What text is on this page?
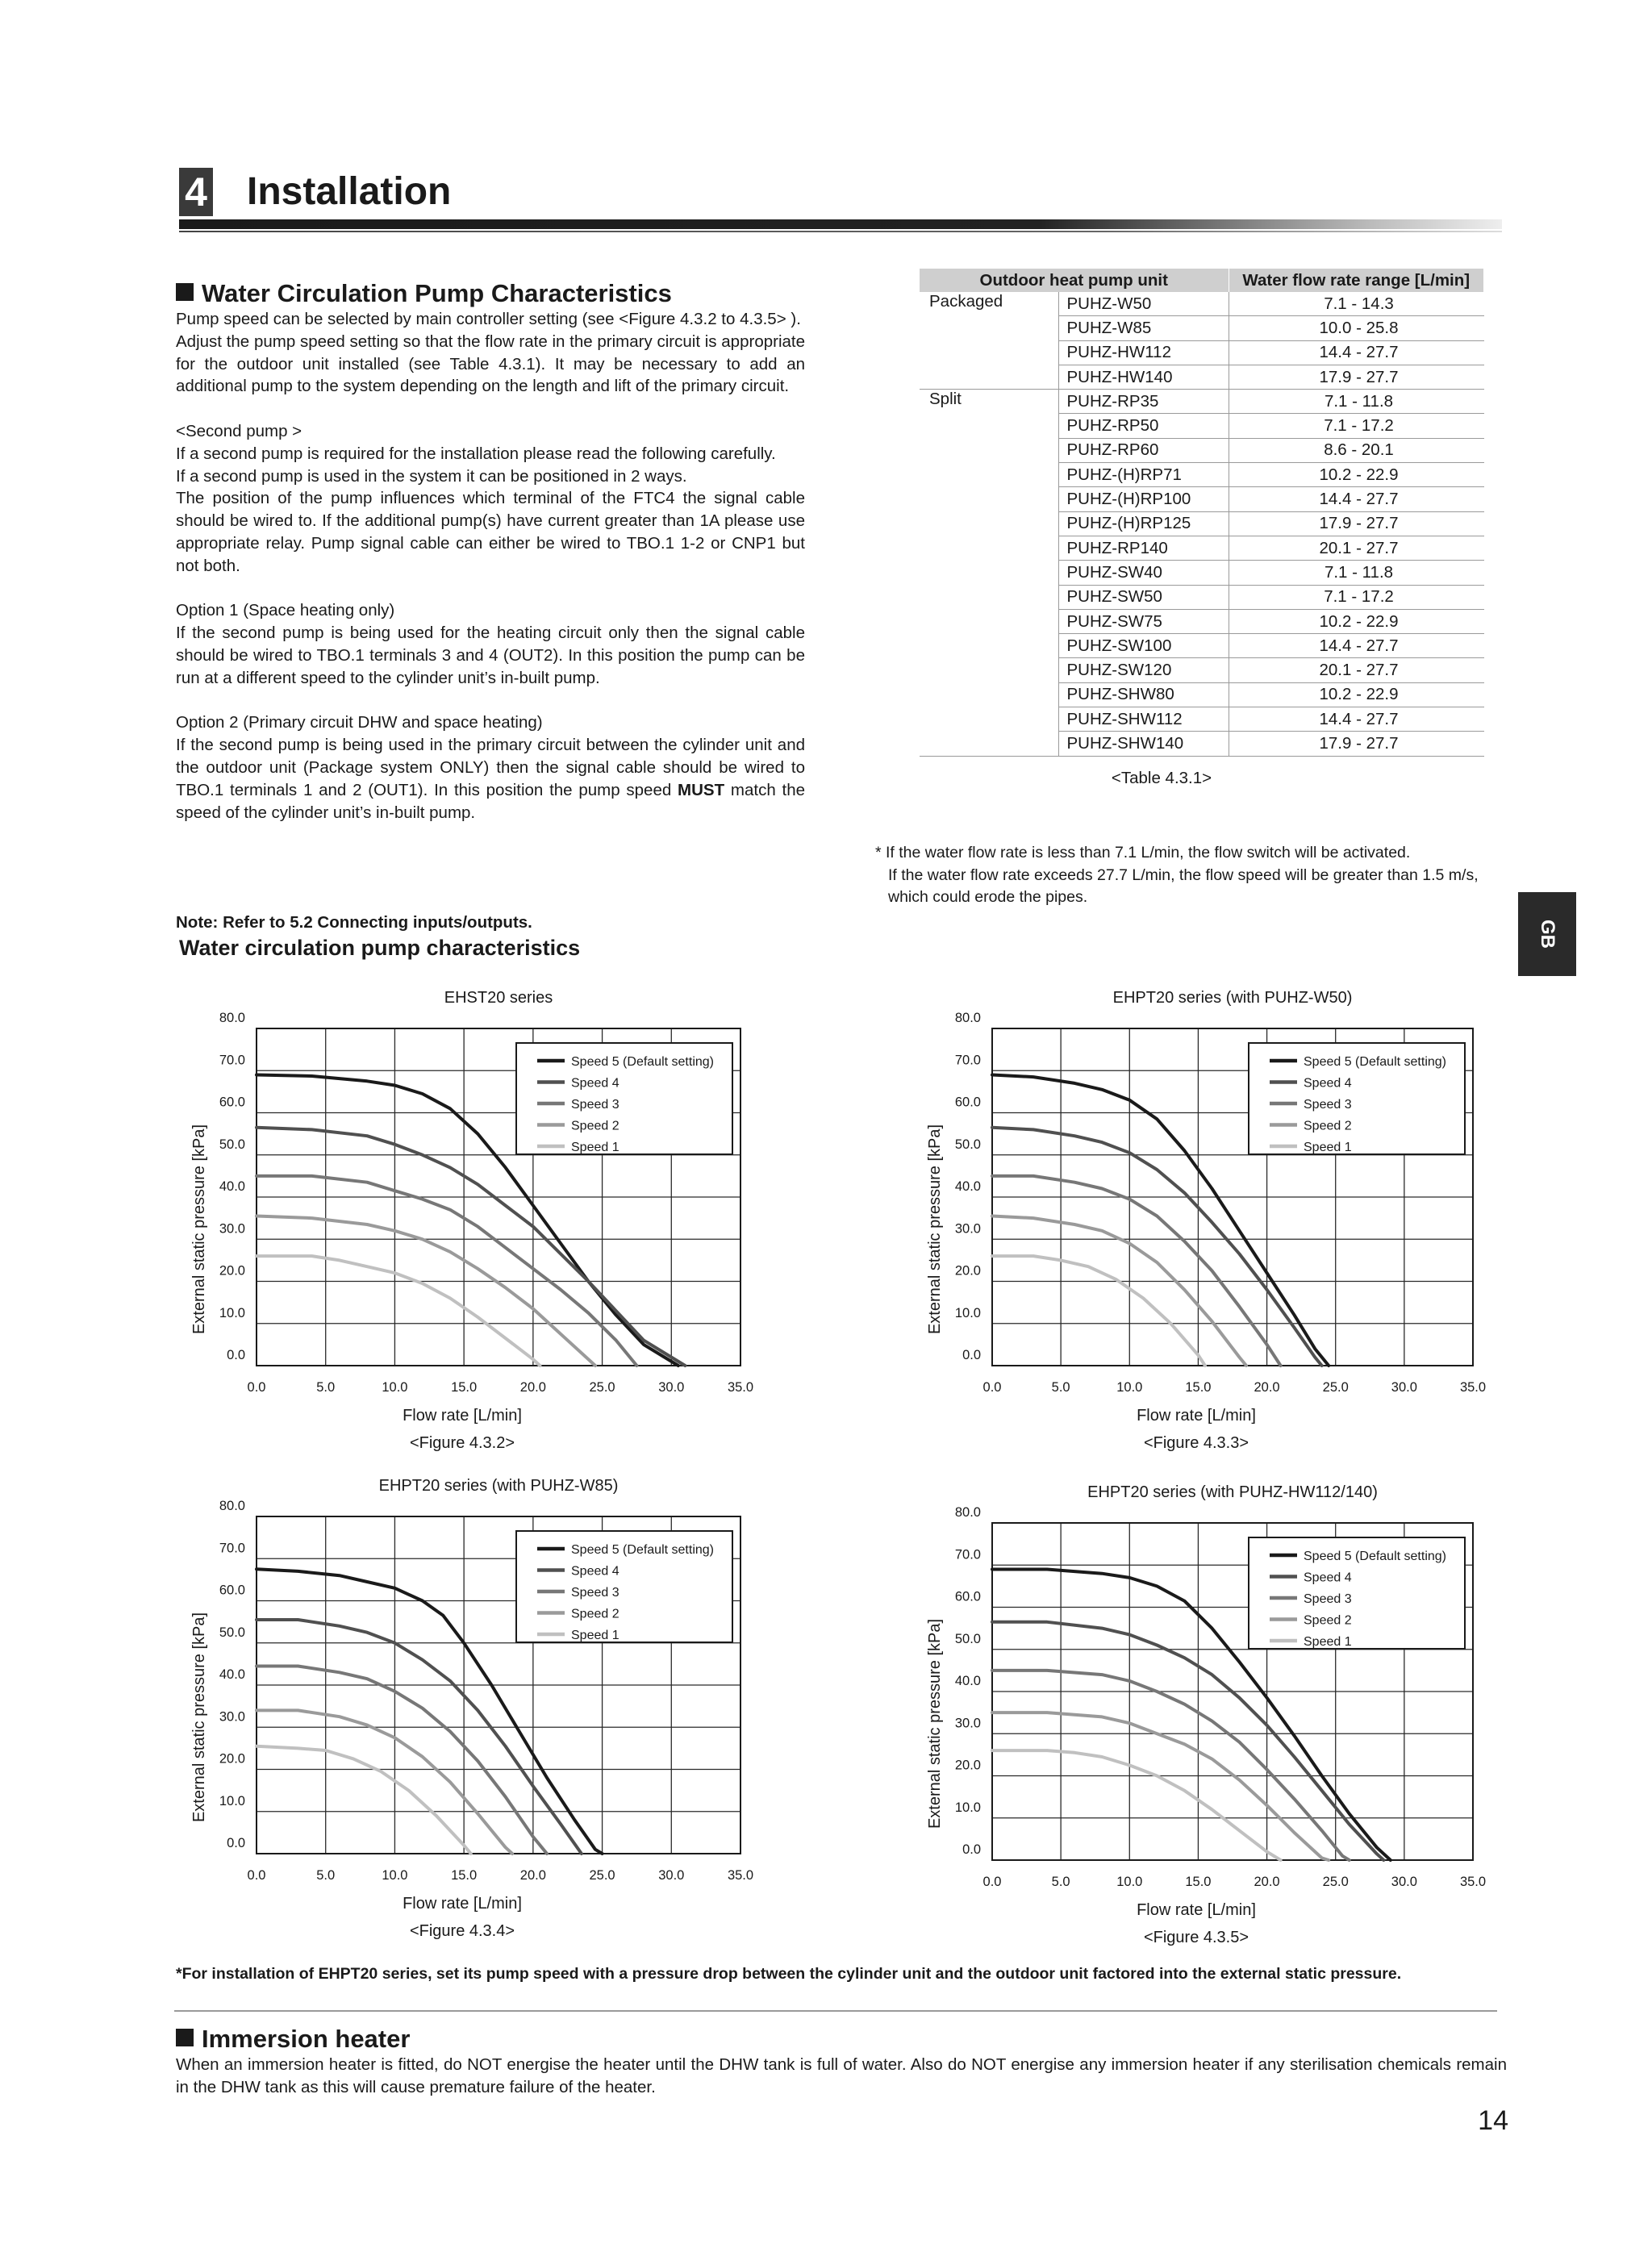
4 Installation
Water Circulation Pump Characteristics

Pump speed can be selected by main controller setting (see <Figure 4.3.2 to 4.3.5> ).

Adjust the pump speed setting so that the flow rate in the primary circuit is appropriate for the outdoor unit installed (see Table 4.3.1). It may be necessary to add an additional pump to the system depending on the length and lift of the primary circuit.

<Second pump >

If a second pump is required for the installation please read the following carefully.

If a second pump is used in the system it can be positioned in 2 ways.

The position of the pump influences which terminal of the FTC4 the signal cable should be wired to. If the additional pump(s) have current greater than 1A please use appropriate relay. Pump signal cable can either be wired to TBO.1 1-2 or CNP1 but not both.

Option 1 (Space heating only)

If the second pump is being used for the heating circuit only then the signal cable should be wired to TBO.1 terminals 3 and 4 (OUT2). In this position the pump can be run at a different speed to the cylinder unit’s in-built pump.

Option 2 (Primary circuit DHW and space heating)

If the second pump is being used in the primary circuit between the cylinder unit and the outdoor unit (Package system ONLY) then the signal cable should be wired to TBO.1 terminals 1 and 2 (OUT1). In this position the pump speed MUST match the speed of the cylinder unit’s in-built pump.

Note: Refer to 5.2 Connecting inputs/outputs.
Water circulation pump characteristics
Outdoor heat pump unit		Water flow rate range [L/min]
Packaged	PUHZ-W50	7.1 - 14.3
	PUHZ-W85	10.0 - 25.8
	PUHZ-HW112	14.4 - 27.7
	PUHZ-HW140	17.9 - 27.7
Split	PUHZ-RP35	7.1 - 11.8
	PUHZ-RP50	7.1 - 17.2
	PUHZ-RP60	8.6 - 20.1
	PUHZ-(H)RP71	10.2 - 22.9
	PUHZ-(H)RP100	14.4 - 27.7
	PUHZ-(H)RP125	17.9 - 27.7
	PUHZ-RP140	20.1 - 27.7
	PUHZ-SW40	7.1 - 11.8
	PUHZ-SW50	7.1 - 17.2
	PUHZ-SW75	10.2 - 22.9
	PUHZ-SW100	14.4 - 27.7
	PUHZ-SW120	20.1 - 27.7
	PUHZ-SHW80	10.2 - 22.9
	PUHZ-SHW112	14.4 - 27.7
	PUHZ-SHW140	17.9 - 27.7
<Table 4.3.1>
* If the water flow rate is less than 7.1 L/min, the flow switch will be activated.
If the water flow rate exceeds 27.7 L/min, the flow speed will be greater than 1.5 m/s,
which could erode the pipes.
GB
EHST20 series
0.0	5.0	10.0	15.0	20.0	25.0	30.0	35.0
0.0
10.0
20.0
30.0
40.0
50.0
60.0
70.0
80.0
Flow rate [L/min]
External static pressure [kPa]
<Figure 4.3.2>
Speed 5 (Default setting)
Speed 4
Speed 3
Speed 2
Speed 1
EHPT20 series (with PUHZ-W50)
0.0	5.0	10.0	15.0	20.0	25.0	30.0	35.0
0.0
10.0
20.0
30.0
40.0
50.0
60.0
70.0
80.0
Flow rate [L/min]
External static pressure [kPa]
<Figure 4.3.3>
Speed 5 (Default setting)
Speed 4
Speed 3
Speed 2
Speed 1
EHPT20 series (with PUHZ-W85)
0.0	5.0	10.0	15.0	20.0	25.0	30.0	35.0
0.0
10.0
20.0
30.0
40.0
50.0
60.0
70.0
80.0
Flow rate [L/min]
External static pressure [kPa]
<Figure 4.3.4>
Speed 5 (Default setting)
Speed 4
Speed 3
Speed 2
Speed 1
EHPT20 series (with PUHZ-HW112/140)
0.0	5.0	10.0	15.0	20.0	25.0	30.0	35.0
0.0
10.0
20.0
30.0
40.0
50.0
60.0
70.0
80.0
Flow rate [L/min]
External static pressure [kPa]
<Figure 4.3.5>
Speed 5 (Default setting)
Speed 4
Speed 3
Speed 2
Speed 1
*For installation of EHPT20 series, set its pump speed with a pressure drop between the cylinder unit and the outdoor unit factored into the external static pressure.
Immersion heater
When an immersion heater is fitted, do NOT energise the heater until the DHW tank is full of water. Also do NOT energise any immersion heater if any sterilisation chemicals remain in the DHW tank as this will cause premature failure of the heater.
14
